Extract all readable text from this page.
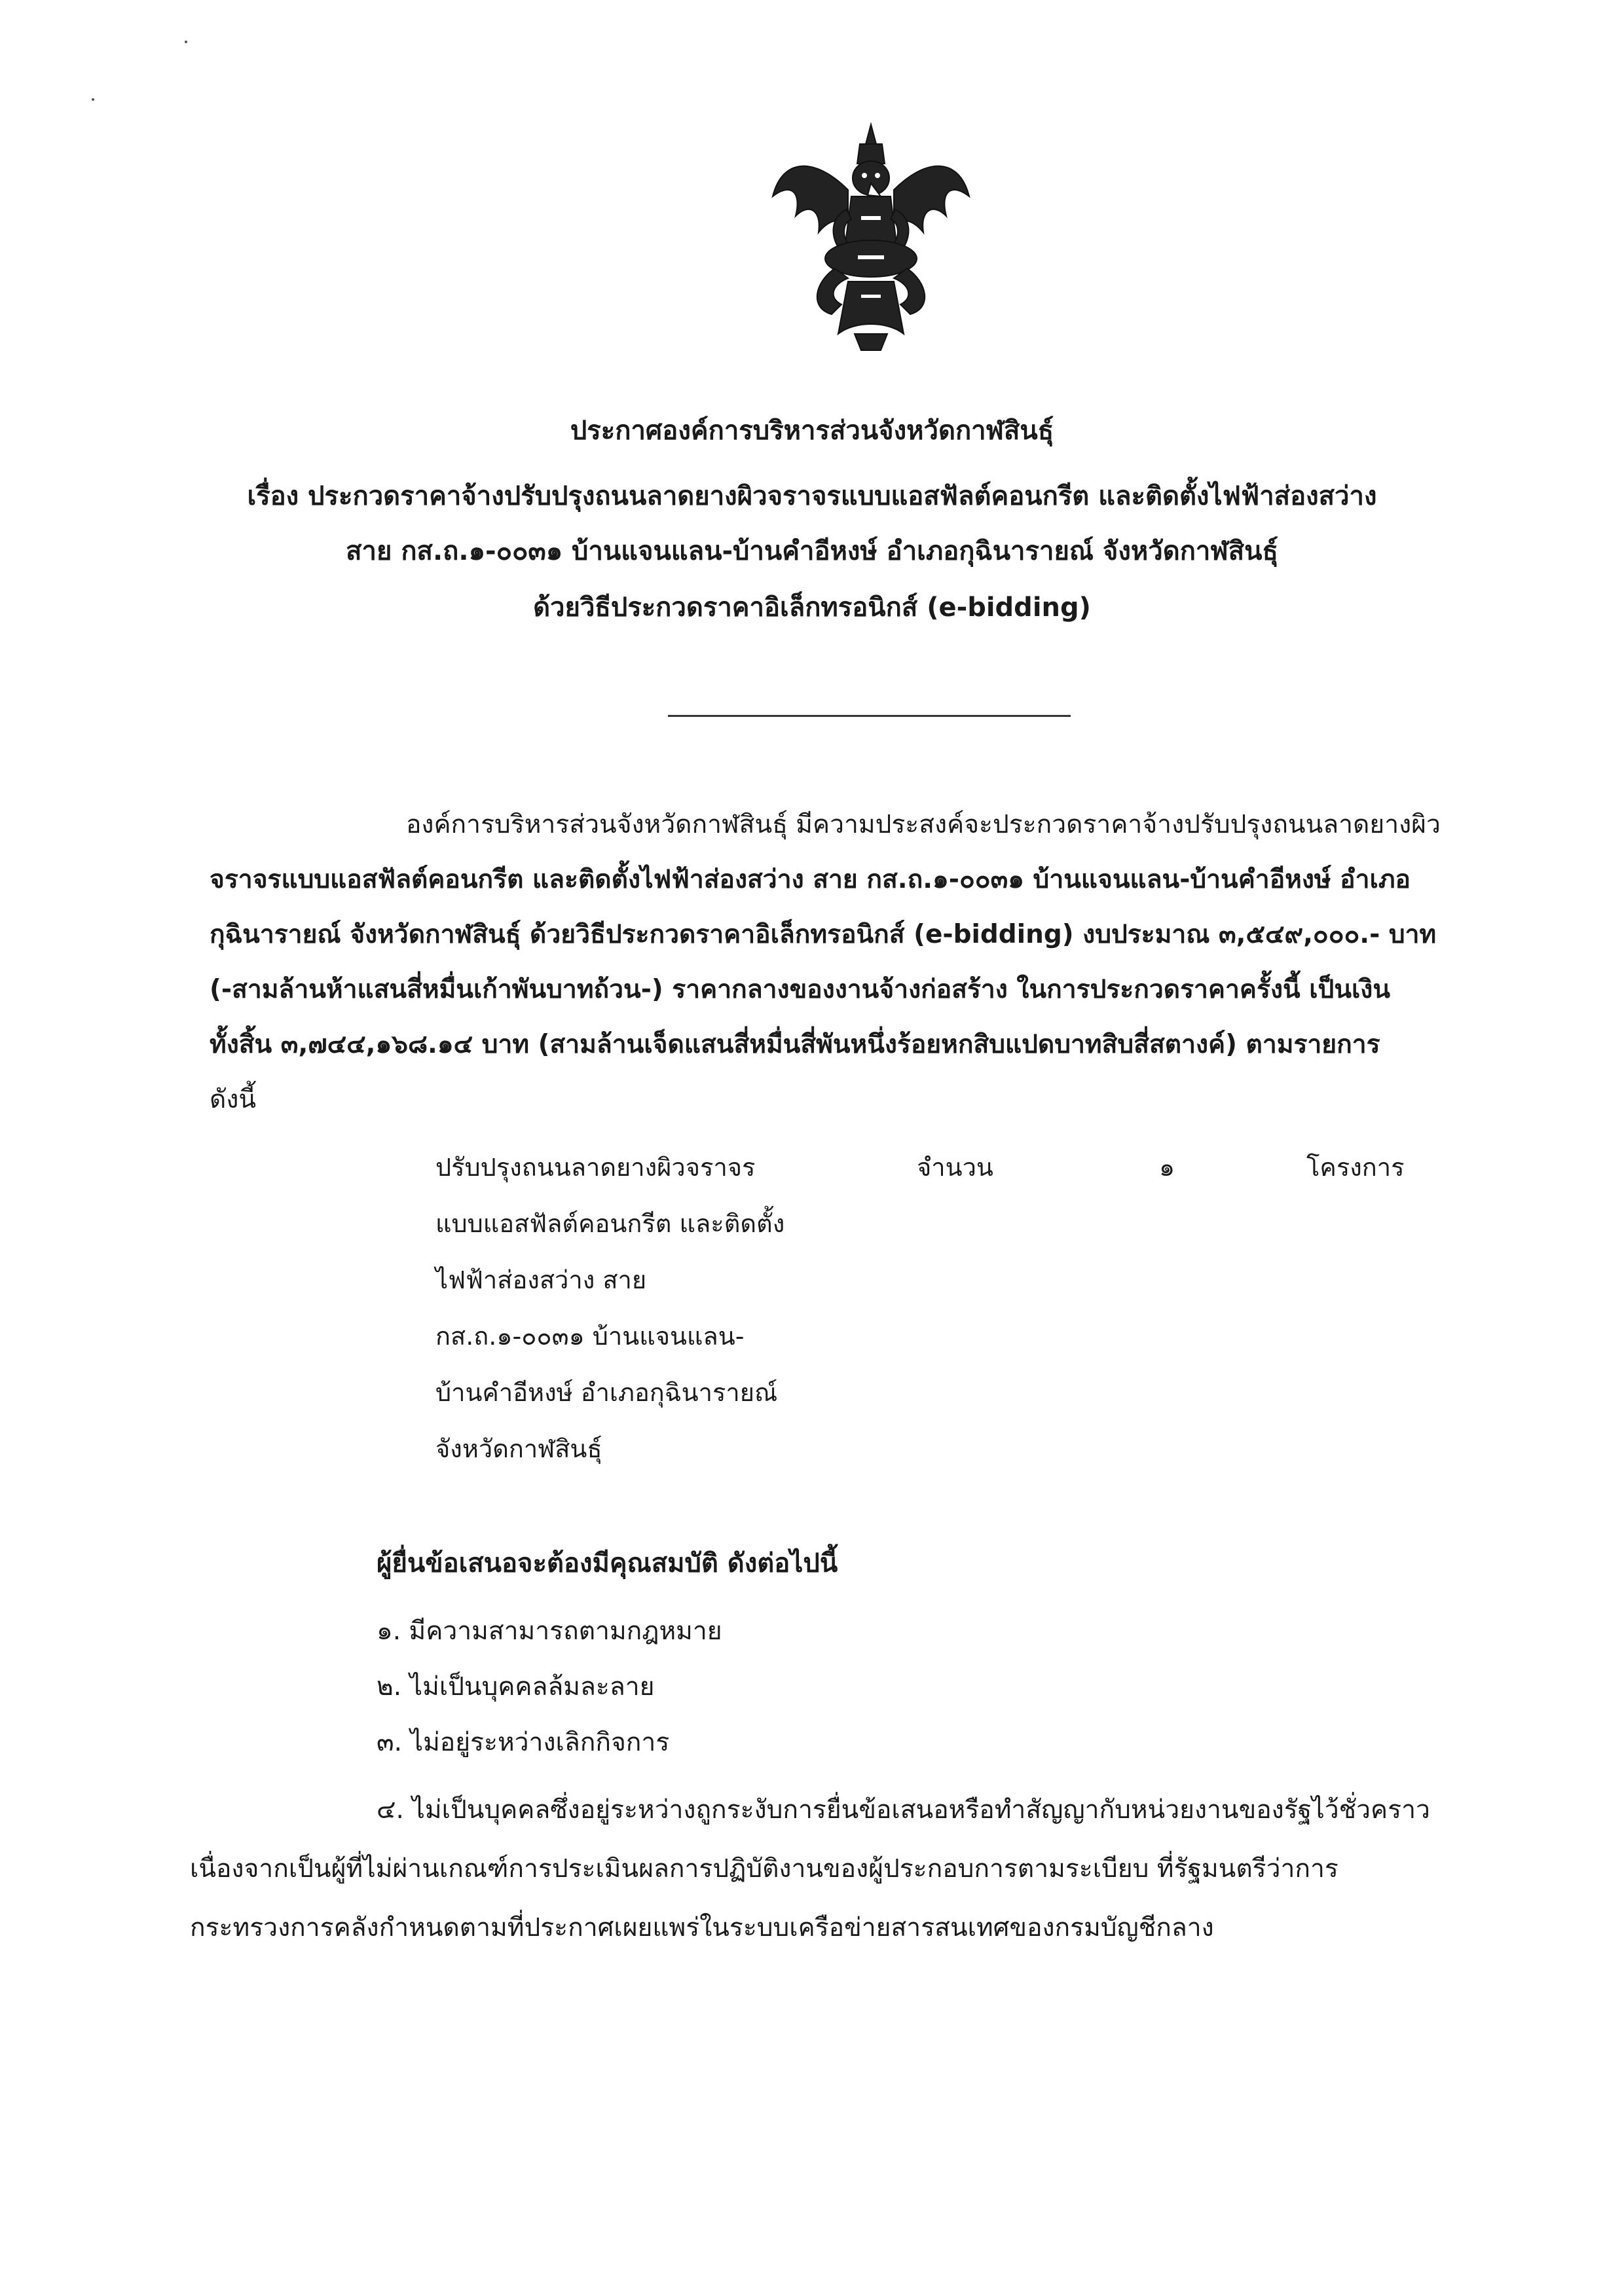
ประกาศองค์การบริหารส่วนจังหวัดกาฬสินธุ์
เรื่อง ประกวดราคาจ้างปรับปรุงถนนลาดยางผิวจราจรแบบแอสฟัลต์คอนกรีต และติดตั้งไฟฟ้าส่องสว่าง
สาย กส.ถ.๑-๐๐๓๑ บ้านแจนแลน-บ้านคำอีหงษ์ อำเภอกุฉินารายณ์ จังหวัดกาฬสินธุ์
ด้วยวิธีประกวดราคาอิเล็กทรอนิกส์ (e-bidding)
องค์การบริหารส่วนจังหวัดกาฬสินธุ์ มีความประสงค์จะประกวดราคาจ้างปรับปรุงถนนลาดยางผิว
จราจรแบบแอสฟัลต์คอนกรีต และติดตั้งไฟฟ้าส่องสว่าง สาย กส.ถ.๑-๐๐๓๑ บ้านแจนแลน-บ้านคำอีหงษ์ อำเภอ
กุฉินารายณ์ จังหวัดกาฬสินธุ์ ด้วยวิธีประกวดราคาอิเล็กทรอนิกส์ (e-bidding) งบประมาณ ๓,๕๔๙,๐๐๐.- บาท
(-สามล้านห้าแสนสี่หมื่นเก้าพันบาทถ้วน-) ราคากลางของงานจ้างก่อสร้าง ในการประกวดราคาครั้งนี้ เป็นเงิน
ทั้งสิ้น ๓,๗๔๔,๑๖๘.๑๔ บาท (สามล้านเจ็ดแสนสี่หมื่นสี่พันหนึ่งร้อยหกสิบแปดบาทสิบสี่สตางค์) ตามรายการ
ดังนี้
ปรับปรุงถนนลาดยางผิวจราจร
แบบแอสฟัลต์คอนกรีต และติดตั้ง
ไฟฟ้าส่องสว่าง สาย
กส.ถ.๑-๐๐๓๑ บ้านแจนแลน-
บ้านคำอีหงษ์ อำเภอกุฉินารายณ์
จังหวัดกาฬสินธุ์
จำนวน	๑	โครงการ
ผู้ยื่นข้อเสนอจะต้องมีคุณสมบัติ ดังต่อไปนี้
๑. มีความสามารถตามกฎหมาย
๒. ไม่เป็นบุคคลล้มละลาย
๓. ไม่อยู่ระหว่างเลิกกิจการ
๔. ไม่เป็นบุคคลซึ่งอยู่ระหว่างถูกระงับการยื่นข้อเสนอหรือทำสัญญากับหน่วยงานของรัฐไว้ชั่วคราว
เนื่องจากเป็นผู้ที่ไม่ผ่านเกณฑ์การประเมินผลการปฏิบัติงานของผู้ประกอบการตามระเบียบ ที่รัฐมนตรีว่าการ
กระทรวงการคลังกำหนดตามที่ประกาศเผยแพร่ในระบบเครือข่ายสารสนเทศของกรมบัญชีกลาง
